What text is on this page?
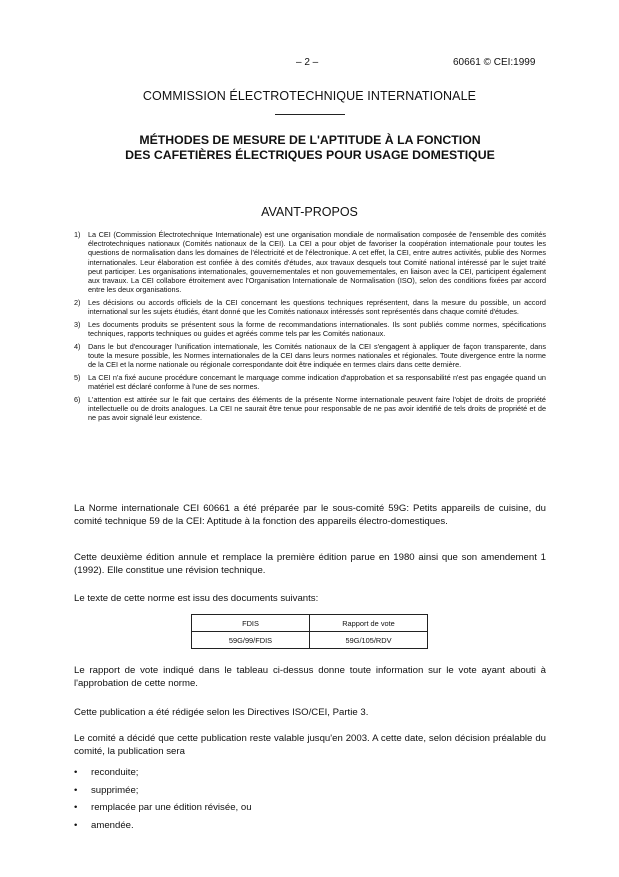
– 2 –	60661 © CEI:1999
COMMISSION ÉLECTROTECHNIQUE INTERNATIONALE
MÉTHODES DE MESURE DE L'APTITUDE À LA FONCTION
DES CAFETIÈRES ÉLECTRIQUES POUR USAGE DOMESTIQUE
AVANT-PROPOS
1)	La CEI (Commission Électrotechnique Internationale) est une organisation mondiale de normalisation composée de l'ensemble des comités électrotechniques nationaux (Comités nationaux de la CEI). La CEI a pour objet de favoriser la coopération internationale pour toutes les questions de normalisation dans les domaines de l'électricité et de l'électronique. A cet effet, la CEI, entre autres activités, publie des Normes internationales. Leur élaboration est confiée à des comités d'études, aux travaux desquels tout Comité national intéressé par le sujet traité peut participer. Les organisations internationales, gouvernementales et non gouvernementales, en liaison avec la CEI, participent également aux travaux. La CEI collabore étroitement avec l'Organisation Internationale de Normalisation (ISO), selon des conditions fixées par accord entre les deux organisations.
2)	Les décisions ou accords officiels de la CEI concernant les questions techniques représentent, dans la mesure du possible, un accord international sur les sujets étudiés, étant donné que les Comités nationaux intéressés sont représentés dans chaque comité d'études.
3)	Les documents produits se présentent sous la forme de recommandations internationales. Ils sont publiés comme normes, spécifications techniques, rapports techniques ou guides et agréés comme tels par les Comités nationaux.
4)	Dans le but d'encourager l'unification internationale, les Comités nationaux de la CEI s'engagent à appliquer de façon transparente, dans toute la mesure possible, les Normes internationales de la CEI dans leurs normes nationales et régionales. Toute divergence entre la norme de la CEI et la norme nationale ou régionale correspondante doit être indiquée en termes clairs dans cette dernière.
5)	La CEI n'a fixé aucune procédure concernant le marquage comme indication d'approbation et sa responsabilité n'est pas engagée quand un matériel est déclaré conforme à l'une de ses normes.
6)	L'attention est attirée sur le fait que certains des éléments de la présente Norme internationale peuvent faire l'objet de droits de propriété intellectuelle ou de droits analogues. La CEI ne saurait être tenue pour responsable de ne pas avoir identifié de tels droits de propriété et de ne pas avoir signalé leur existence.
La Norme internationale CEI 60661 a été préparée par le sous-comité 59G: Petits appareils de cuisine, du comité technique 59 de la CEI: Aptitude à la fonction des appareils électro-domestiques.
Cette deuxième édition annule et remplace la première édition parue en 1980 ainsi que son amendement 1 (1992). Elle constitue une révision technique.
Le texte de cette norme est issu des documents suivants:
FDIS	Rapport de vote
59G/99/FDIS	59G/105/RDV
Le rapport de vote indiqué dans le tableau ci-dessus donne toute information sur le vote ayant abouti à l'approbation de cette norme.
Cette publication a été rédigée selon les Directives ISO/CEI, Partie 3.
Le comité a décidé que cette publication reste valable jusqu'en 2003. A cette date, selon décision préalable du comité, la publication sera
•	reconduite;
•	supprimée;
•	remplacée par une édition révisée, ou
•	amendée.
